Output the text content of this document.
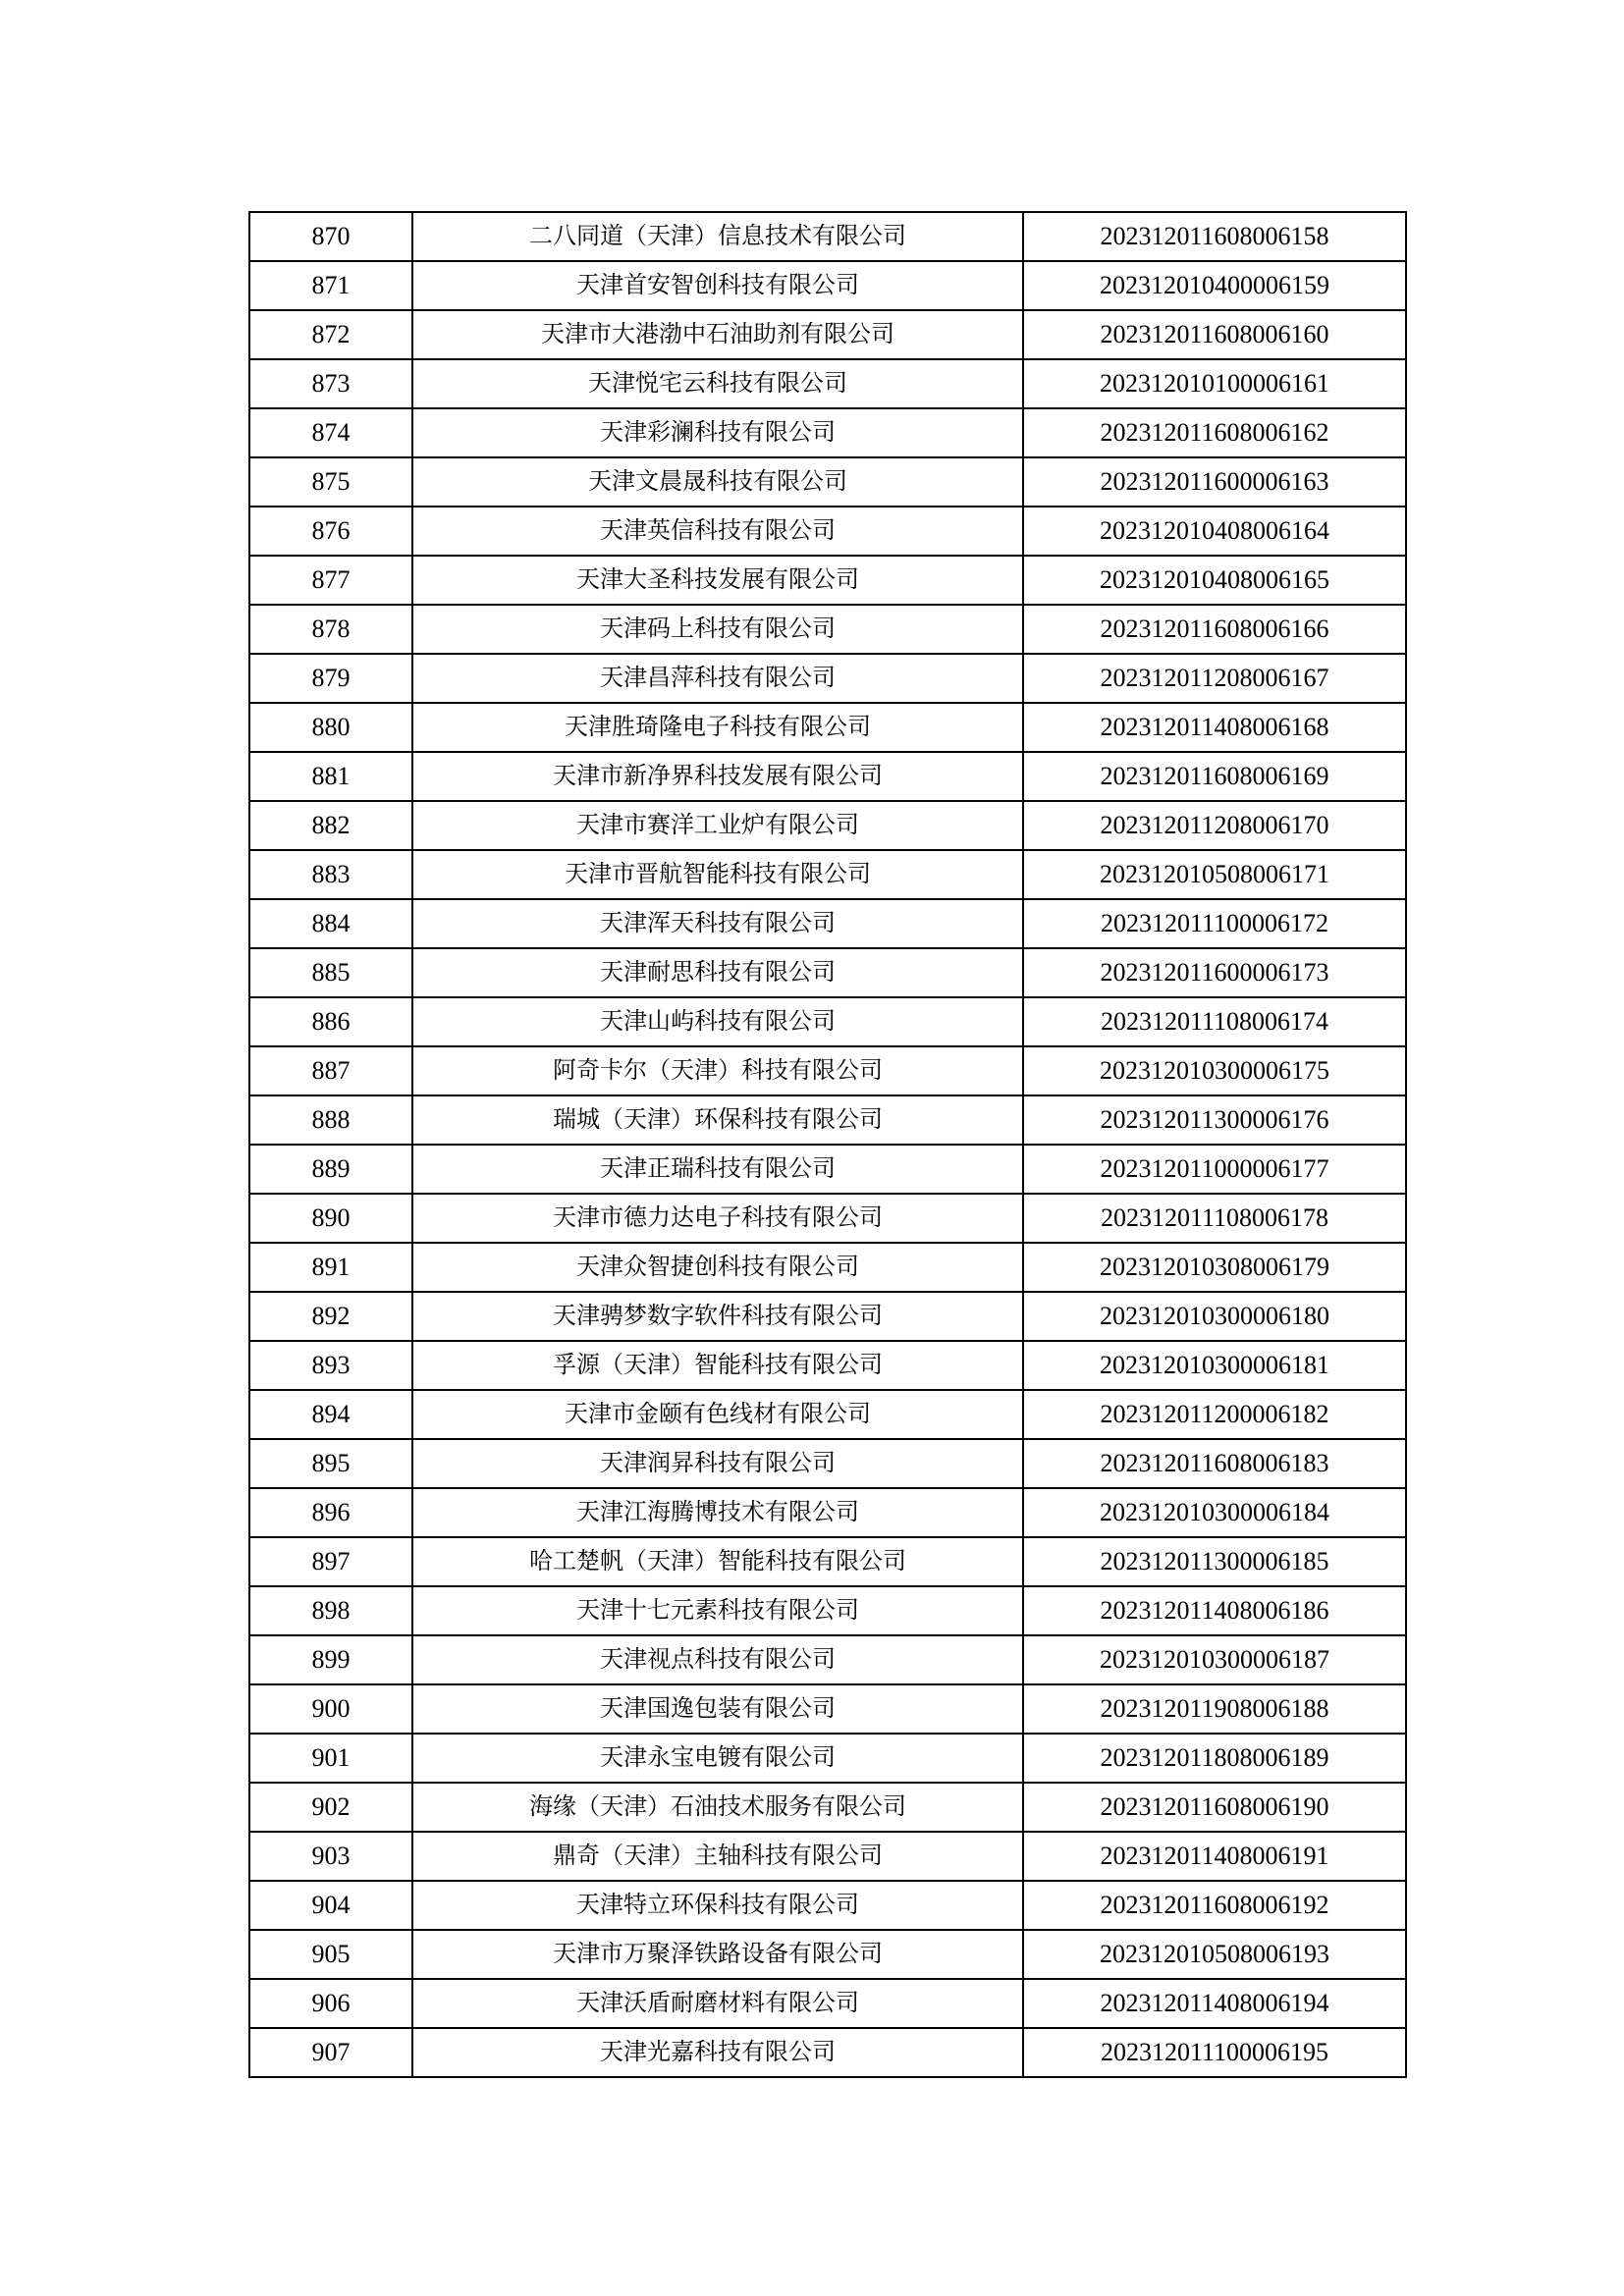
870	二八同道（天津）信息技术有限公司	202312011608006158
871	天津首安智创科技有限公司	202312010400006159
872	天津市大港渤中石油助剂有限公司	202312011608006160
873	天津悦宅云科技有限公司	202312010100006161
874	天津彩澜科技有限公司	202312011608006162
875	天津文晨晟科技有限公司	202312011600006163
876	天津英信科技有限公司	202312010408006164
877	天津大圣科技发展有限公司	202312010408006165
878	天津码上科技有限公司	202312011608006166
879	天津昌萍科技有限公司	202312011208006167
880	天津胜琦隆电子科技有限公司	202312011408006168
881	天津市新净界科技发展有限公司	202312011608006169
882	天津市赛洋工业炉有限公司	202312011208006170
883	天津市晋航智能科技有限公司	202312010508006171
884	天津浑天科技有限公司	202312011100006172
885	天津耐思科技有限公司	202312011600006173
886	天津山屿科技有限公司	202312011108006174
887	阿奇卡尔（天津）科技有限公司	202312010300006175
888	瑞城（天津）环保科技有限公司	202312011300006176
889	天津正瑞科技有限公司	202312011000006177
890	天津市德力达电子科技有限公司	202312011108006178
891	天津众智捷创科技有限公司	202312010308006179
892	天津骋梦数字软件科技有限公司	202312010300006180
893	孚源（天津）智能科技有限公司	202312010300006181
894	天津市金颐有色线材有限公司	202312011200006182
895	天津润昇科技有限公司	202312011608006183
896	天津江海腾博技术有限公司	202312010300006184
897	哈工楚帆（天津）智能科技有限公司	202312011300006185
898	天津十七元素科技有限公司	202312011408006186
899	天津视点科技有限公司	202312010300006187
900	天津国逸包装有限公司	202312011908006188
901	天津永宝电镀有限公司	202312011808006189
902	海缘（天津）石油技术服务有限公司	202312011608006190
903	鼎奇（天津）主轴科技有限公司	202312011408006191
904	天津特立环保科技有限公司	202312011608006192
905	天津市万聚泽铁路设备有限公司	202312010508006193
906	天津沃盾耐磨材料有限公司	202312011408006194
907	天津光嘉科技有限公司	202312011100006195
